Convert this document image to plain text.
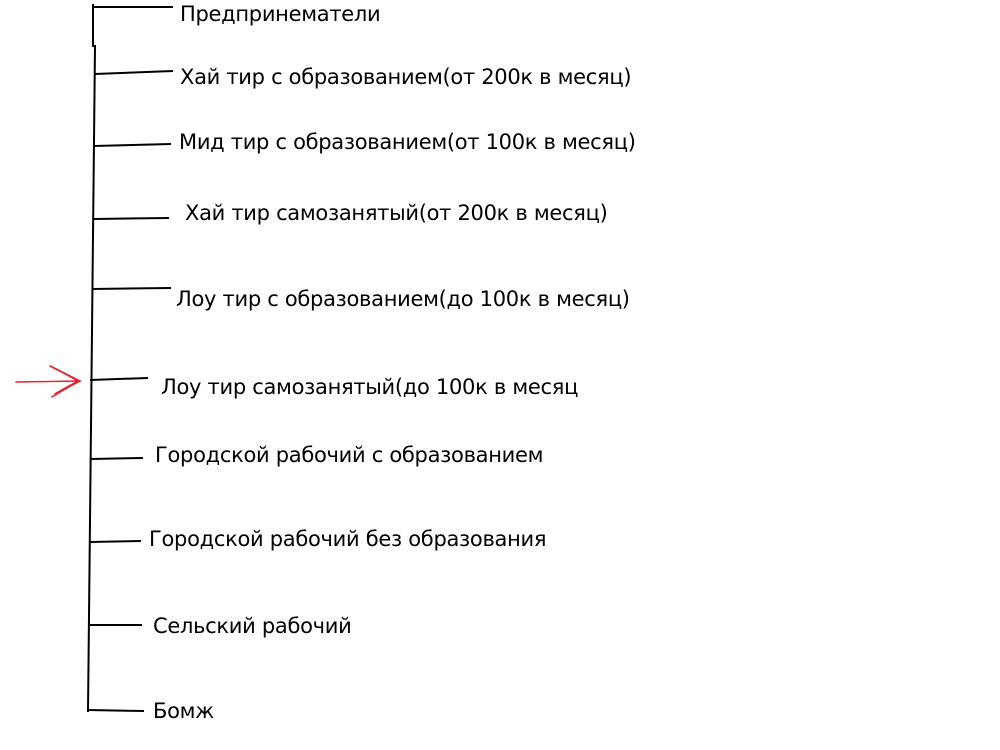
Предпринематели
Хай тир с образованием(от 200к в месяц)
Мид тир с образованием(от 100к в месяц)
Хай тир самозанятый(от 200к в месяц)
Лоу тир с образованием(до 100к в месяц)
Лоу тир самозанятый(до 100к в месяц
Городской рабочий с образованием
Городской рабочий без образования
Сельский рабочий
Бомж
